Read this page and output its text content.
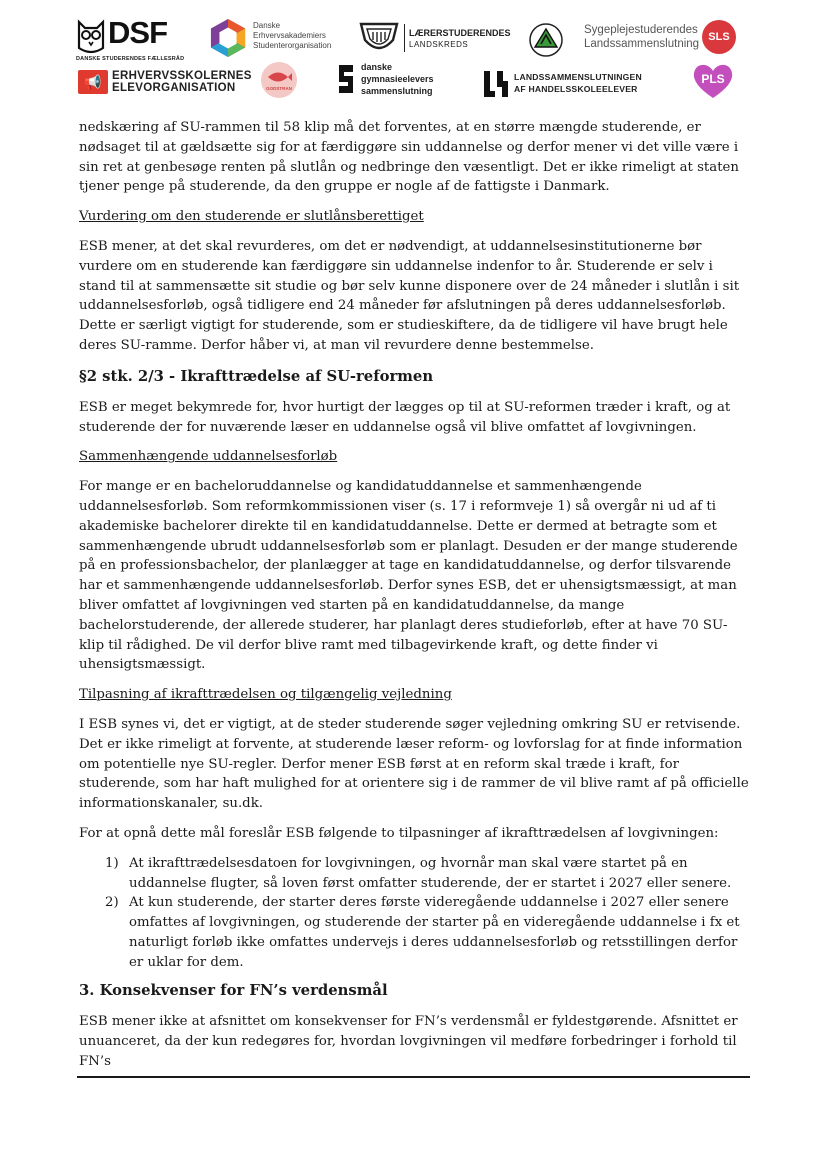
DSF
DANSKE STUDERENDES FÆLLESRÅD
Danske
Erhvervsakademiers
Studenterorganisation
LÆRERSTUDERENDES
LANDSKREDS
Sygeplejestuderendes
Landssammenslutning
SLS
📢 ERHVERVSSKOLERNES
ELEVORGANISATION	GODSTRAN
danske
gymnasieelevers
sammenslutning
LANDSSAMMENSLUTNINGEN
AF HANDELSSKOLEELEVER
PLS

nedskæring af SU-rammen til 58 klip må det forventes, at en større mængde studerende, er nødsaget til at gældsætte sig for at færdiggøre sin uddannelse og derfor mener vi det ville være i sin ret at genbesøge renten på slutlån og nedbringe den væsentligt. Det er ikke rimeligt at staten tjener penge på studerende, da den gruppe er nogle af de fattigste i Danmark.

Vurdering om den studerende er slutlånsberettiget

ESB mener, at det skal revurderes, om det er nødvendigt, at uddannelsesinstitutionerne bør vurdere om en studerende kan færdiggøre sin uddannelse indenfor to år. Studerende er selv i stand til at sammensætte sit studie og bør selv kunne disponere over de 24 måneder i slutlån i sit uddannelsesforløb, også tidligere end 24 måneder før afslutningen på deres uddannelsesforløb. Dette er særligt vigtigt for studerende, som er studieskiftere, da de tidligere vil have brugt hele deres SU-ramme. Derfor håber vi, at man vil revurdere denne bestemmelse.

§2 stk. 2/3 - Ikrafttrædelse af SU-reformen

ESB er meget bekymrede for, hvor hurtigt der lægges op til at SU-reformen træder i kraft, og at studerende der for nuværende læser en uddannelse også vil blive omfattet af lovgivningen.

Sammenhængende uddannelsesforløb

For mange er en bacheloruddannelse og kandidatuddannelse et sammenhængende uddannelsesforløb. Som reformkommissionen viser (s. 17 i reformveje 1) så overgår ni ud af ti akademiske bachelorer direkte til en kandidatuddannelse. Dette er dermed at betragte som et sammenhængende ubrudt uddannelsesforløb som er planlagt. Desuden er der mange studerende på en professionsbachelor, der planlægger at tage en kandidatuddannelse, og derfor tilsvarende har et sammenhængende uddannelsesforløb. Derfor synes ESB, det er uhensigtsmæssigt, at man bliver omfattet af lovgivningen ved starten på en kandidatuddannelse, da mange bachelorstuderende, der allerede studerer, har planlagt deres studieforløb, efter at have 70 SU-klip til rådighed. De vil derfor blive ramt med tilbagevirkende kraft, og dette finder vi uhensigtsmæssigt.

Tilpasning af ikrafttrædelsen og tilgængelig vejledning

I ESB synes vi, det er vigtigt, at de steder studerende søger vejledning omkring SU er retvisende. Det er ikke rimeligt at forvente, at studerende læser reform- og lovforslag for at finde information om potentielle nye SU-regler. Derfor mener ESB først at en reform skal træde i kraft, for studerende, som har haft mulighed for at orientere sig i de rammer de vil blive ramt af på officielle informationskanaler, su.dk.

For at opnå dette mål foreslår ESB følgende to tilpasninger af ikrafttrædelsen af lovgivningen:

1) At ikrafttrædelsesdatoen for lovgivningen, og hvornår man skal være startet på en uddannelse flugter, så loven først omfatter studerende, der er startet i 2027 eller senere.
2) At kun studerende, der starter deres første videregående uddannelse i 2027 eller senere omfattes af lovgivningen, og studerende der starter på en videregående uddannelse i fx et naturligt forløb ikke omfattes undervejs i deres uddannelsesforløb og retsstillingen derfor er uklar for dem.
3. Konsekvenser for FN’s verdensmål

ESB mener ikke at afsnittet om konsekvenser for FN’s verdensmål er fyldestgørende. Afsnittet er unuanceret, da der kun redegøres for, hvordan lovgivningen vil medføre forbedringer i forhold til FN’s
